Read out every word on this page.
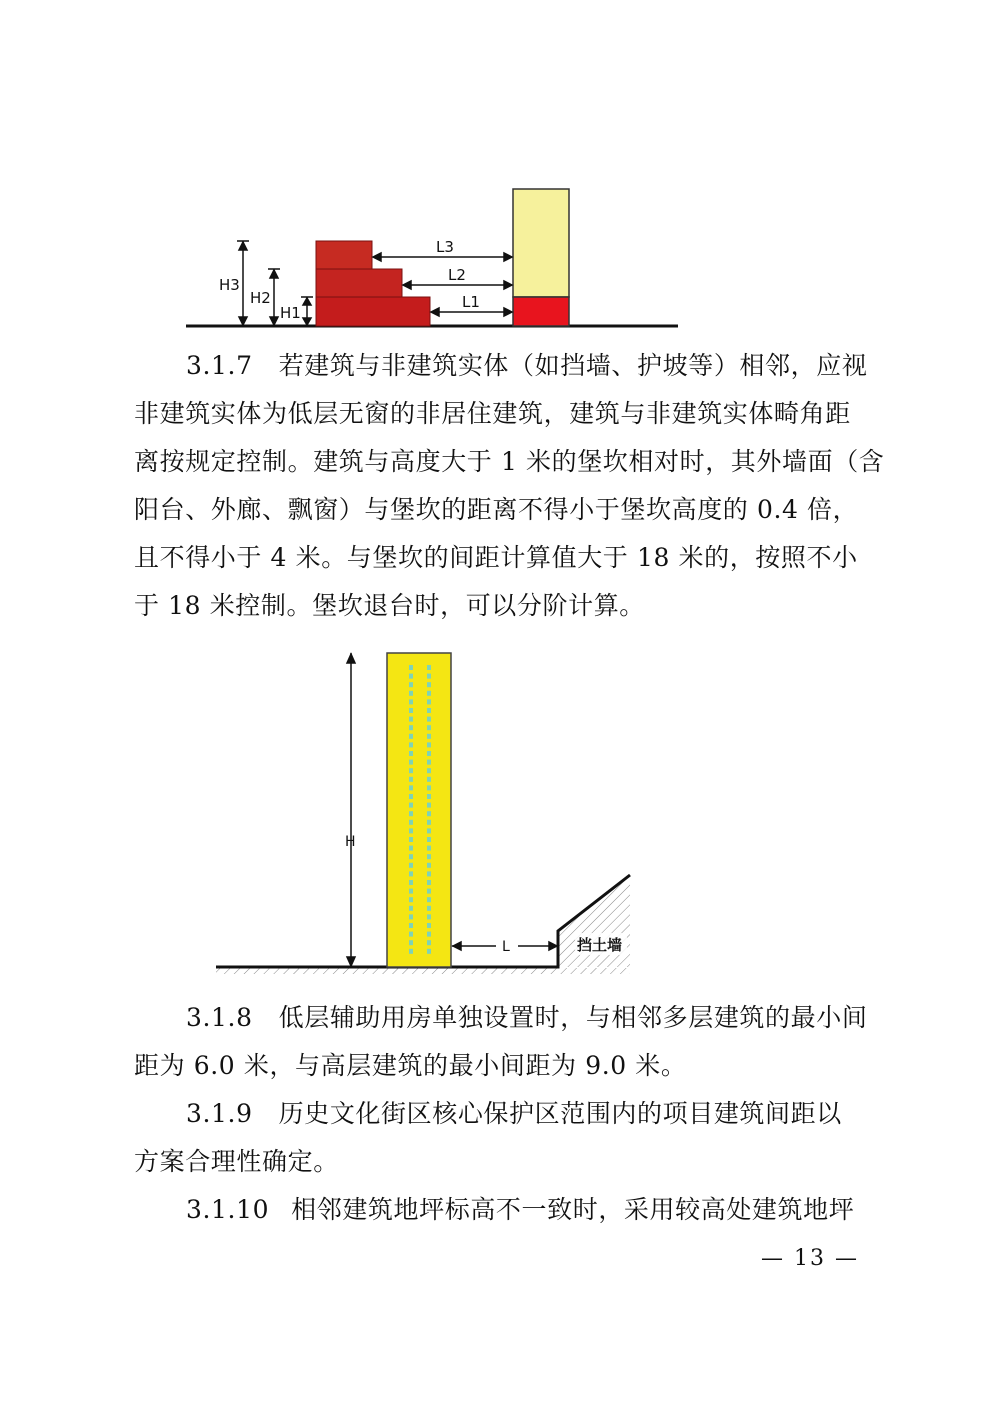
H3
H2
H1
L3
L2
L1
3.1.7 若建筑与非建筑实体（如挡墙、护坡等）相邻，应视
非建筑实体为低层无窗的非居住建筑，建筑与非建筑实体畸角距
离按规定控制。建筑与高度大于 1 米的堡坎相对时，其外墙面（含
阳台、外廊、飘窗）与堡坎的距离不得小于堡坎高度的 0.4 倍，
且不得小于 4 米。与堡坎的间距计算值大于 18 米的，按照不小
于 18 米控制。堡坎退台时，可以分阶计算。
H
L	挡土墙
3.1.8 低层辅助用房单独设置时，与相邻多层建筑的最小间
距为 6.0 米，与高层建筑的最小间距为 9.0 米。
3.1.9 历史文化街区核心保护区范围内的项目建筑间距以
方案合理性确定。
3.1.10 相邻建筑地坪标高不一致时，采用较高处建筑地坪
— 13 —
